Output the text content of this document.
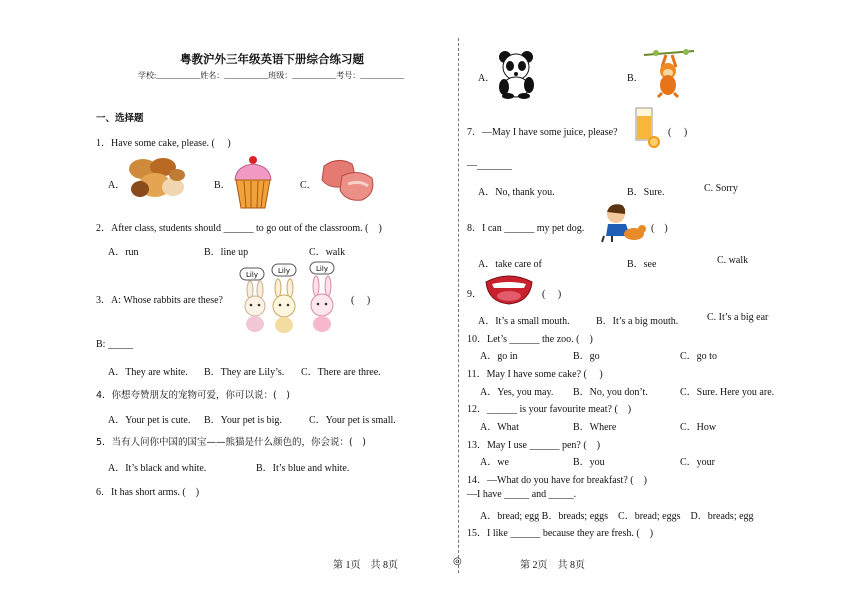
粤教沪外三年级英语下册综合练习题
学校:___________姓名：___________班级：___________考号：___________
一、选择题
1．Have some cake, please. (　 )
A．	B．	C．
2．After class, students should ______ to go out of the classroom. (　)
A．run	B．line up	C．walk
3．A: Whose rabbits are these?	(　 )
Lily	Lily	Lily
B: _____
A．They are white. B．They are Lily’s. C．There are three.
4．你想夸赞朋友的宠物可爱，你可以说：(　)
A．Your pet is cute. B．Your pet is big.	C．Your pet is small.
5．当有人问你中国的国宝——熊猫是什么颜色的，你会说：(　)
A．It’s black and white.	B．It’s blue and white.
6．It has short arms. (　)
A．	B．
7．—May I have some juice, please?	(　 )
—_______
A．No, thank you.	B．Sure.	C. Sorry
8．I can ______ my pet dog.	(　)
A．take care of	B．see	C. walk
9．	(　 )
A．It’s a small mouth.	B．It’s a big mouth.	C. It’s a big ear
10．Let’s ______ the zoo. (　)
A．go in	B．go	C．go to
11．May I have some cake? (　 )
A．Yes, you may. B．No, you don’t.	C．Sure. Here you are.
12．______ is your favourite meat? (　)
A．What	B．Where	C．How
13．May I use ______ pen? (　)
A．we	B．you	C．your
14．—What do you have for breakfast? (　)
—I have _____ and _____.
A．bread; egg B．breads; eggs　C．bread; eggs　D．breads; egg
15．I like ______ because they are fresh. (　)
第 1页　共 8页	◎	第 2页　共 8页
